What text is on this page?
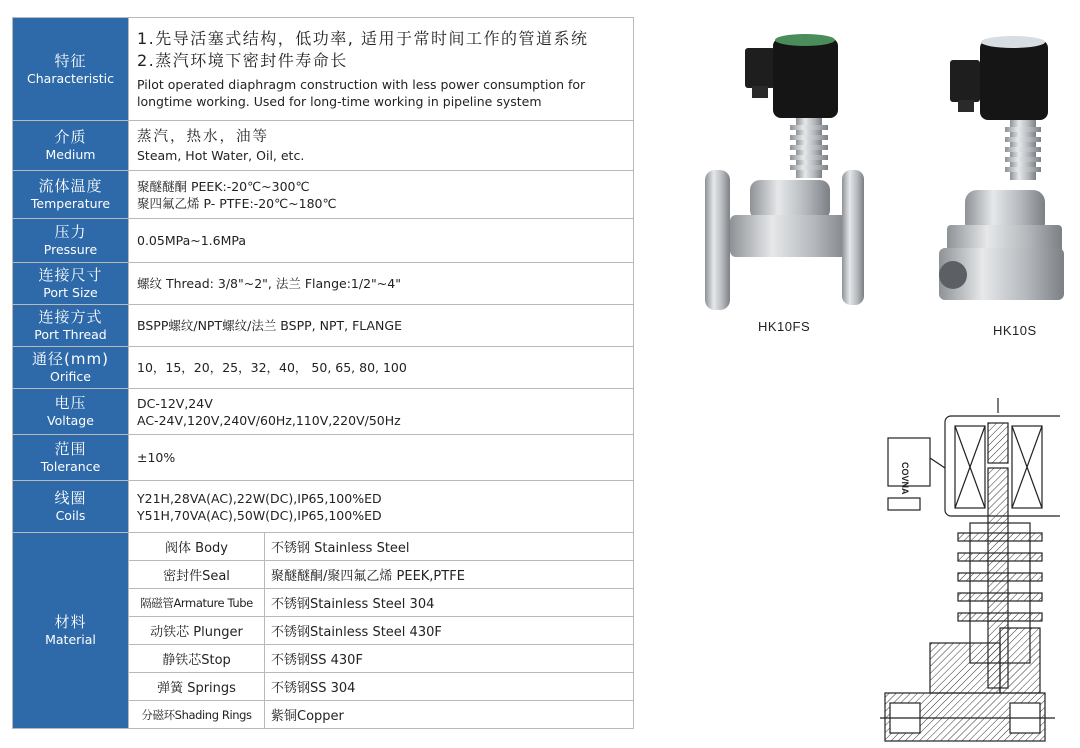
特征
Characteristic

1.先导活塞式结构，低功率, 适用于常时间工作的管道系统
2.蒸汽环境下密封件寿命长
Pilot operated diaphragm construction with less power consumption for
longtime working. Used for long-time working in pipeline system

介质
Medium

蒸汽，热水，油等
Steam, Hot Water, Oil, etc.

流体温度
Temperature

聚醚醚酮 PEEK:-20℃~300℃
聚四氟乙烯 P- PTFE:-20℃~180℃

压力
Pressure	0.05MPa~1.6MPa	

连接尺寸
Port Size	螺纹 Thread: 3/8"~2", 法兰 Flange:1/2"~4"	

连接方式
Port Thread	BSPP螺纹/NPT螺纹/法兰 BSPP, NPT, FLANGE	

通径(mm)
Orifice	10，15，20，25，32，40， 50, 65, 80, 100	

电压
Voltage

DC-12V,24V
AC-24V,120V,240V/60Hz,110V,220V/50Hz

范围
Tolerance	±10%	

线圈
Coils

Y21H,28VA(AC),22W(DC),IP65,100%ED
Y51H,70VA(AC),50W(DC),IP65,100%ED

材料
Material	阀体 Body	不锈钢 Stainless Steel
	密封件Seal	聚醚醚酮/聚四氟乙烯 PEEK,PTFE
	隔磁管Armature Tube	不锈钢Stainless Steel 304
	动铁芯 Plunger	不锈钢Stainless Steel 430F
	静铁芯Stop	不锈钢SS 430F
	弹簧 Springs	不锈钢SS 304
	分磁环Shading Rings	紫铜Copper
HK10FS	HK10S
COVNA
